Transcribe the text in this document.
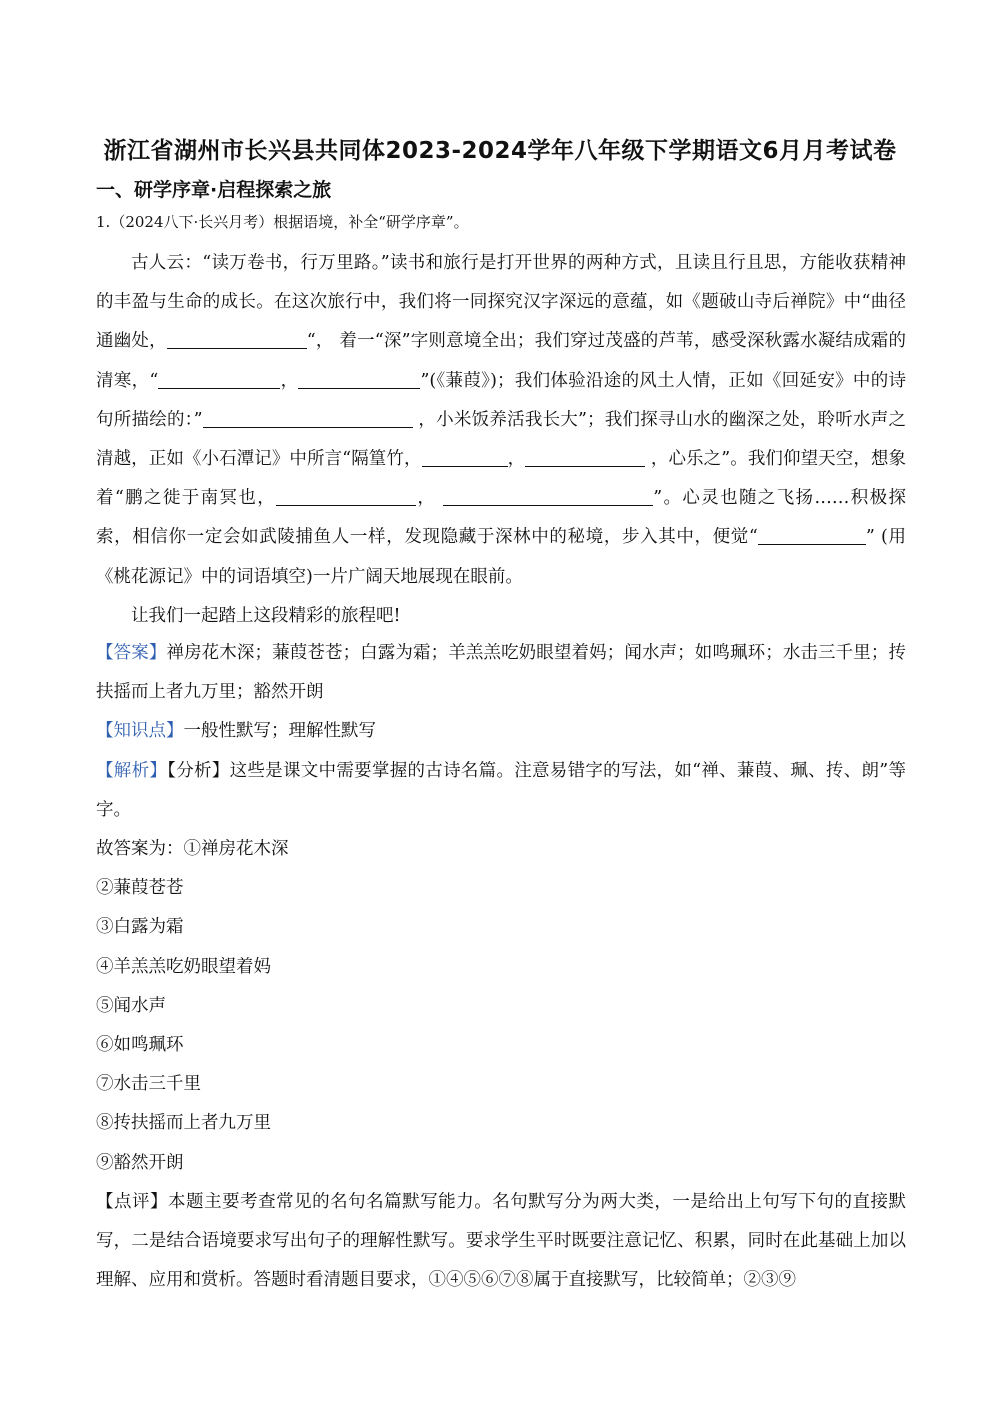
浙江省湖州市长兴县共同体2023-2024学年八年级下学期语文6月月考试卷
一、研学序章·启程探索之旅
1.（2024八下·长兴月考）根据语境，补全“研学序章”。

古人云：“读万卷书，行万里路。”读书和旅行是打开世界的两种方式，且读且行且思，方能收获精神的丰盈与生命的成长。在这次旅行中，我们将一同探究汉字深远的意蕴，如《题破山寺后禅院》中“曲径通幽处，	“， 着一“深”字则意境全出；我们穿过茂盛的芦苇，感受深秋露水凝结成霜的清寒，“	，	”(《蒹葭》)；我们体验沿途的风土人情，正如《回延安》中的诗句所描绘的：”	，小米饭养活我长大”；我们探寻山水的幽深之处，聆听水声之清越，正如《小石潭记》中所言“隔篁竹，	，	，心乐之”。我们仰望天空，想象着“鹏之徙于南冥也，	，	”。心灵也随之飞扬……积极探索，相信你一定会如武陵捕鱼人一样，发现隐藏于深林中的秘境，步入其中，便觉“	” (用《桃花源记》中的词语填空)一片广阔天地展现在眼前。

让我们一起踏上这段精彩的旅程吧!

【答案】禅房花木深；蒹葭苍苍；白露为霜；羊羔羔吃奶眼望着妈；闻水声；如鸣珮环；水击三千里；抟扶摇而上者九万里；豁然开朗

【知识点】一般性默写；理解性默写

【解析】【分析】这些是课文中需要掌握的古诗名篇。注意易错字的写法，如“禅、蒹葭、珮、抟、朗”等字。

故答案为：①禅房花木深

②蒹葭苍苍

③白露为霜

④羊羔羔吃奶眼望着妈

⑤闻水声

⑥如鸣珮环

⑦水击三千里

⑧抟扶摇而上者九万里

⑨豁然开朗

【点评】本题主要考查常见的名句名篇默写能力。名句默写分为两大类，一是给出上句写下句的直接默写，二是结合语境要求写出句子的理解性默写。要求学生平时既要注意记忆、积累，同时在此基础上加以理解、应用和赏析。答题时看清题目要求，①④⑤⑥⑦⑧属于直接默写，比较简单；②③⑨
